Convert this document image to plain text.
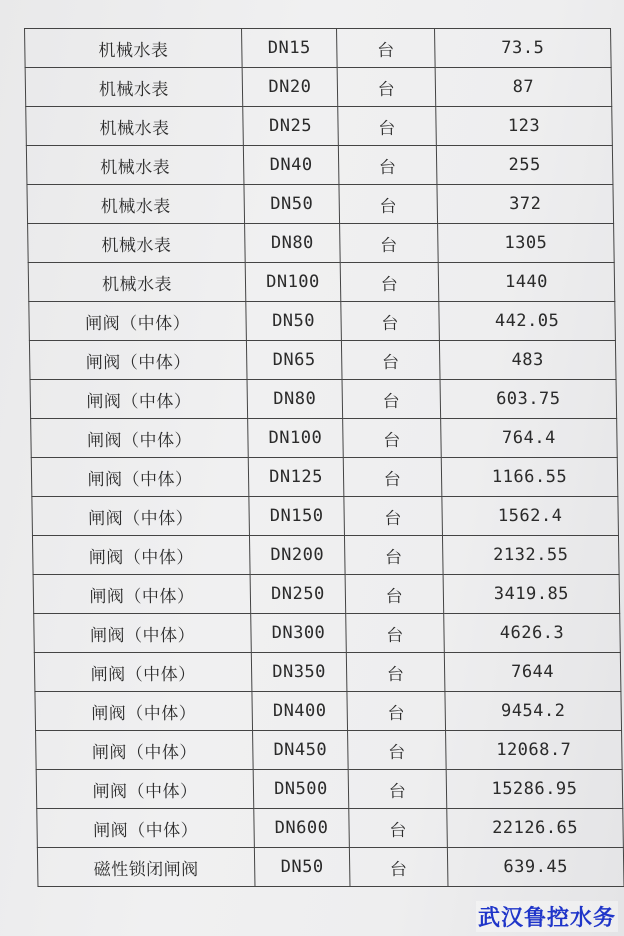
机械水表	DN15	台	73.5
机械水表	DN20	台	87
机械水表	DN25	台	123
机械水表	DN40	台	255
机械水表	DN50	台	372
机械水表	DN80	台	1305
机械水表	DN100	台	1440
闸阀（中体）	DN50	台	442.05
闸阀（中体）	DN65	台	483
闸阀（中体）	DN80	台	603.75
闸阀（中体）	DN100	台	764.4
闸阀（中体）	DN125	台	1166.55
闸阀（中体）	DN150	台	1562.4
闸阀（中体）	DN200	台	2132.55
闸阀（中体）	DN250	台	3419.85
闸阀（中体）	DN300	台	4626.3
闸阀（中体）	DN350	台	7644
闸阀（中体）	DN400	台	9454.2
闸阀（中体）	DN450	台	12068.7
闸阀（中体）	DN500	台	15286.95
闸阀（中体）	DN600	台	22126.65
磁性锁闭闸阀	DN50	台	639.45
武汉鲁控水务
